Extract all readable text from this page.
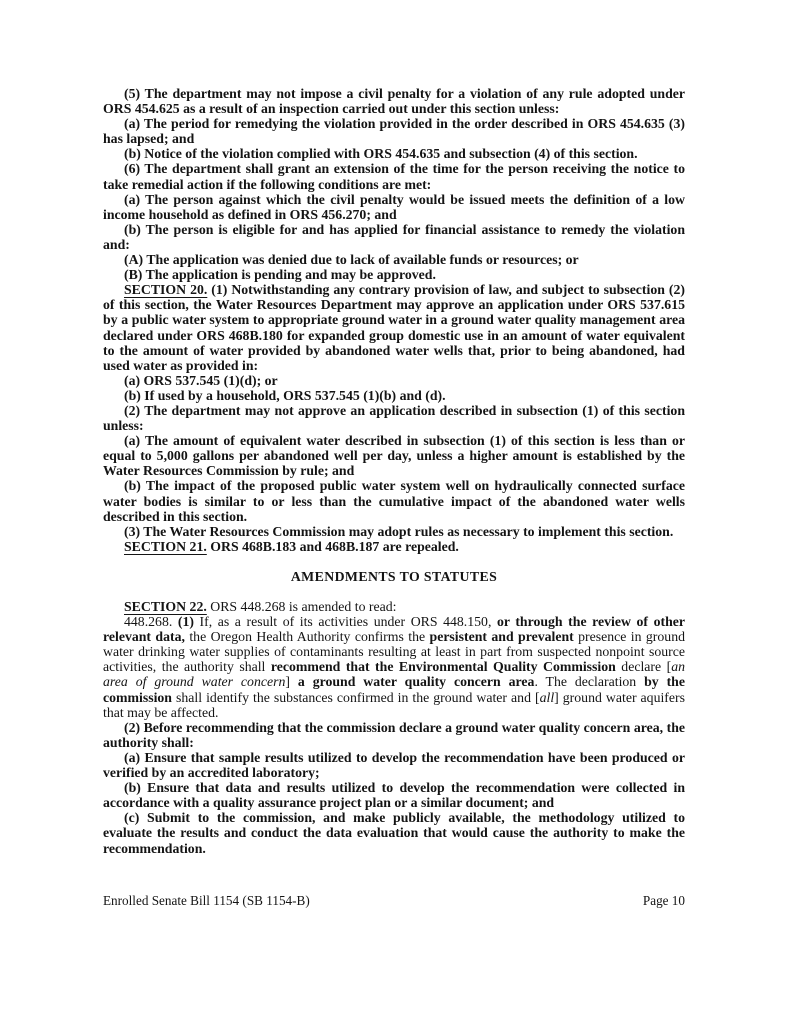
(5) The department may not impose a civil penalty for a violation of any rule adopted under ORS 454.625 as a result of an inspection carried out under this section unless:

(a) The period for remedying the violation provided in the order described in ORS 454.635 (3) has lapsed; and

(b) Notice of the violation complied with ORS 454.635 and subsection (4) of this section.

(6) The department shall grant an extension of the time for the person receiving the notice to take remedial action if the following conditions are met:

(a) The person against which the civil penalty would be issued meets the definition of a low income household as defined in ORS 456.270; and

(b) The person is eligible for and has applied for financial assistance to remedy the violation and:

(A) The application was denied due to lack of available funds or resources; or

(B) The application is pending and may be approved.

SECTION 20. (1) Notwithstanding any contrary provision of law, and subject to subsection (2) of this section, the Water Resources Department may approve an application under ORS 537.615 by a public water system to appropriate ground water in a ground water quality management area declared under ORS 468B.180 for expanded group domestic use in an amount of water equivalent to the amount of water provided by abandoned water wells that, prior to being abandoned, had used water as provided in:

(a) ORS 537.545 (1)(d); or

(b) If used by a household, ORS 537.545 (1)(b) and (d).

(2) The department may not approve an application described in subsection (1) of this section unless:

(a) The amount of equivalent water described in subsection (1) of this section is less than or equal to 5,000 gallons per abandoned well per day, unless a higher amount is established by the Water Resources Commission by rule; and

(b) The impact of the proposed public water system well on hydraulically connected surface water bodies is similar to or less than the cumulative impact of the abandoned water wells described in this section.

(3) The Water Resources Commission may adopt rules as necessary to implement this section.

SECTION 21. ORS 468B.183 and 468B.187 are repealed.

AMENDMENTS TO STATUTES

SECTION 22. ORS 448.268 is amended to read:

448.268. (1) If, as a result of its activities under ORS 448.150, or through the review of other relevant data, the Oregon Health Authority confirms the persistent and prevalent presence in ground water drinking water supplies of contaminants resulting at least in part from suspected nonpoint source activities, the authority shall recommend that the Environmental Quality Commission declare [an area of ground water concern] a ground water quality concern area. The declaration by the commission shall identify the substances confirmed in the ground water and [all] ground water aquifers that may be affected.

(2) Before recommending that the commission declare a ground water quality concern area, the authority shall:

(a) Ensure that sample results utilized to develop the recommendation have been produced or verified by an accredited laboratory;

(b) Ensure that data and results utilized to develop the recommendation were collected in accordance with a quality assurance project plan or a similar document; and

(c) Submit to the commission, and make publicly available, the methodology utilized to evaluate the results and conduct the data evaluation that would cause the authority to make the recommendation.

Enrolled Senate Bill 1154 (SB 1154-B)	Page 10
